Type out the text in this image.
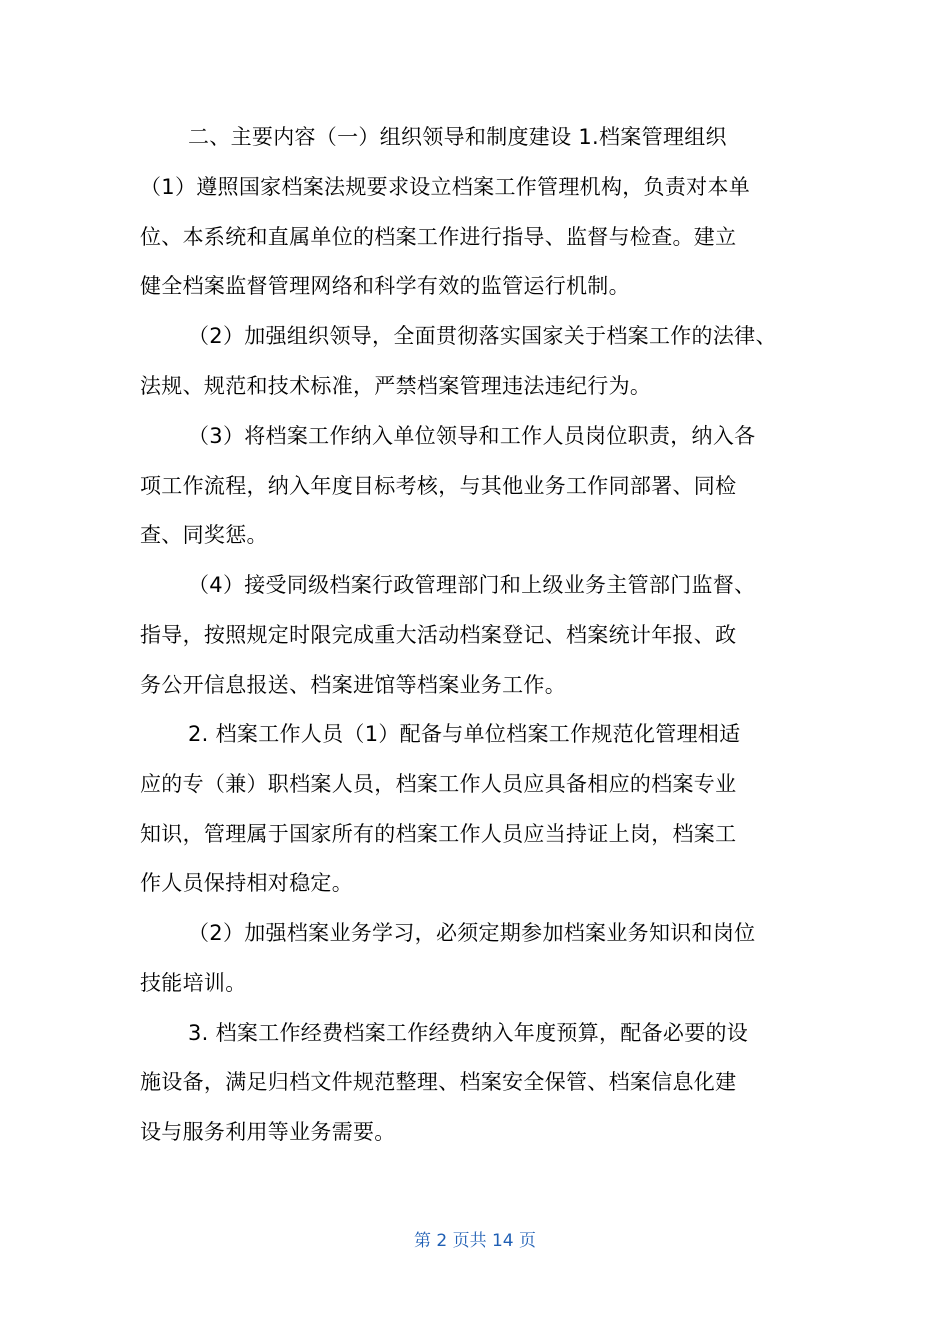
二、主要内容（一）组织领导和制度建设 1.档案管理组织
（1）遵照国家档案法规要求设立档案工作管理机构，负责对本单
位、本系统和直属单位的档案工作进行指导、监督与检查。建立
健全档案监督管理网络和科学有效的监管运行机制。
（2）加强组织领导，全面贯彻落实国家关于档案工作的法律、
法规、规范和技术标准，严禁档案管理违法违纪行为。
（3）将档案工作纳入单位领导和工作人员岗位职责，纳入各
项工作流程，纳入年度目标考核，与其他业务工作同部署、同检
查、同奖惩。
（4）接受同级档案行政管理部门和上级业务主管部门监督、
指导，按照规定时限完成重大活动档案登记、档案统计年报、政
务公开信息报送、档案进馆等档案业务工作。
2. 档案工作人员（1）配备与单位档案工作规范化管理相适
应的专（兼）职档案人员，档案工作人员应具备相应的档案专业
知识，管理属于国家所有的档案工作人员应当持证上岗，档案工
作人员保持相对稳定。
（2）加强档案业务学习，必须定期参加档案业务知识和岗位
技能培训。
3. 档案工作经费档案工作经费纳入年度预算，配备必要的设
施设备，满足归档文件规范整理、档案安全保管、档案信息化建
设与服务利用等业务需要。
第 2 页共 14 页
